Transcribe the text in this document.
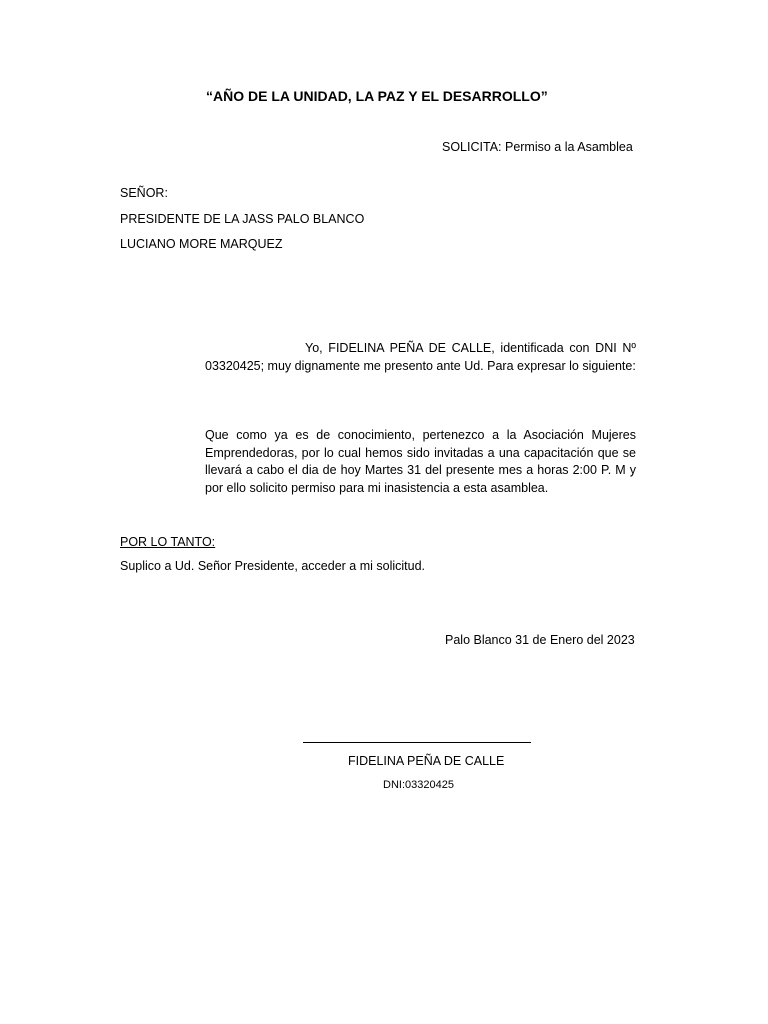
“AÑO DE LA UNIDAD, LA PAZ Y EL DESARROLLO”
SOLICITA: Permiso a la Asamblea
SEÑOR:
PRESIDENTE DE LA JASS PALO BLANCO
LUCIANO MORE MARQUEZ

Yo, FIDELINA PEÑA DE CALLE, identificada con DNI Nº 03320425; muy dignamente me presento ante Ud. Para expresar lo siguiente:

Que como ya es de conocimiento, pertenezco a la Asociación Mujeres Emprendedoras, por lo cual hemos sido invitadas a una capacitación que se llevará a cabo el dia de hoy Martes 31 del presente mes a horas 2:00 P. M y por ello solicito permiso para mi inasistencia a esta asamblea.

POR LO TANTO:
Suplico a Ud. Señor Presidente, acceder a mi solicitud.
Palo Blanco 31 de Enero del 2023
FIDELINA PEÑA DE CALLE
DNI:03320425
